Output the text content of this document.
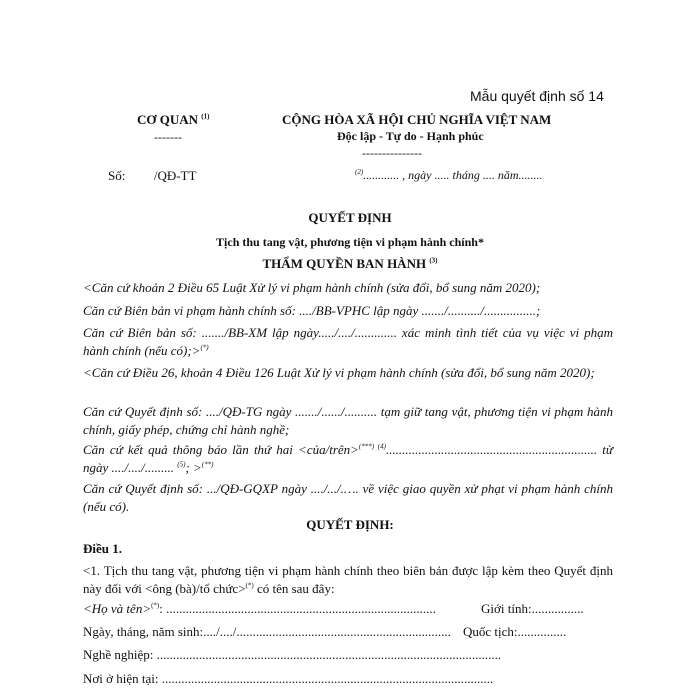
Mẫu quyết định số 14
CƠ QUAN $^{(1)}$
-------
CỘNG HÒA XÃ HỘI CHỦ NGHĨA VIỆT NAM
Độc lập - Tự do - Hạnh phúc
---------------
Số: /QĐ-TT	$^{(2)}$............ , ngày ..... tháng .... năm........
QUYẾT ĐỊNH
Tịch thu tang vật, phương tiện vi phạm hành chính*
THẨM QUYỀN BAN HÀNH $^{(3)}$

<Căn cứ khoản 2 Điều 65 Luật Xử lý vi phạm hành chính (sửa đổi, bổ sung năm 2020);

Căn cứ Biên bản vi phạm hành chính số: ..../BB-VPHC lập ngày ......./........../................;

Căn cứ Biên bản số: ......./BB-XM lập ngày...../..../............. xác minh tình tiết của vụ việc vi phạm hành chính (nếu có);>(*)

<Căn cứ Điều 26, khoản 4 Điều 126 Luật Xử lý vi phạm hành chính (sửa đổi, bổ sung năm 2020);

Căn cứ Quyết định số: ..../QĐ-TG ngày ......./....../.......... tạm giữ tang vật, phương tiện vi phạm hành chính, giấy phép, chứng chỉ hành nghề;

Căn cứ kết quả thông báo lần thứ hai <của/trên>$^{(***) (4)}$................................................................. từ ngày ..../..../......... $^{(5)}$; >(**)

Căn cứ Quyết định số: .../QĐ-GQXP ngày ..../.../.…. về việc giao quyền xử phạt vi phạm hành chính (nếu có).

QUYẾT ĐỊNH:
Điều 1.

<1. Tịch thu tang vật, phương tiện vi phạm hành chính theo biên bản được lập kèm theo Quyết định này đối với <ông (bà)/tổ chức>(*) có tên sau đây:

<Họ và tên>(*): ...................................................................................	Giới tính:................
Ngày, tháng, năm sinh:..../..../.................................................................. Quốc tịch:...............
Nghề nghiệp: ..........................................................................................................
Nơi ở hiện tại: ......................................................................................................
